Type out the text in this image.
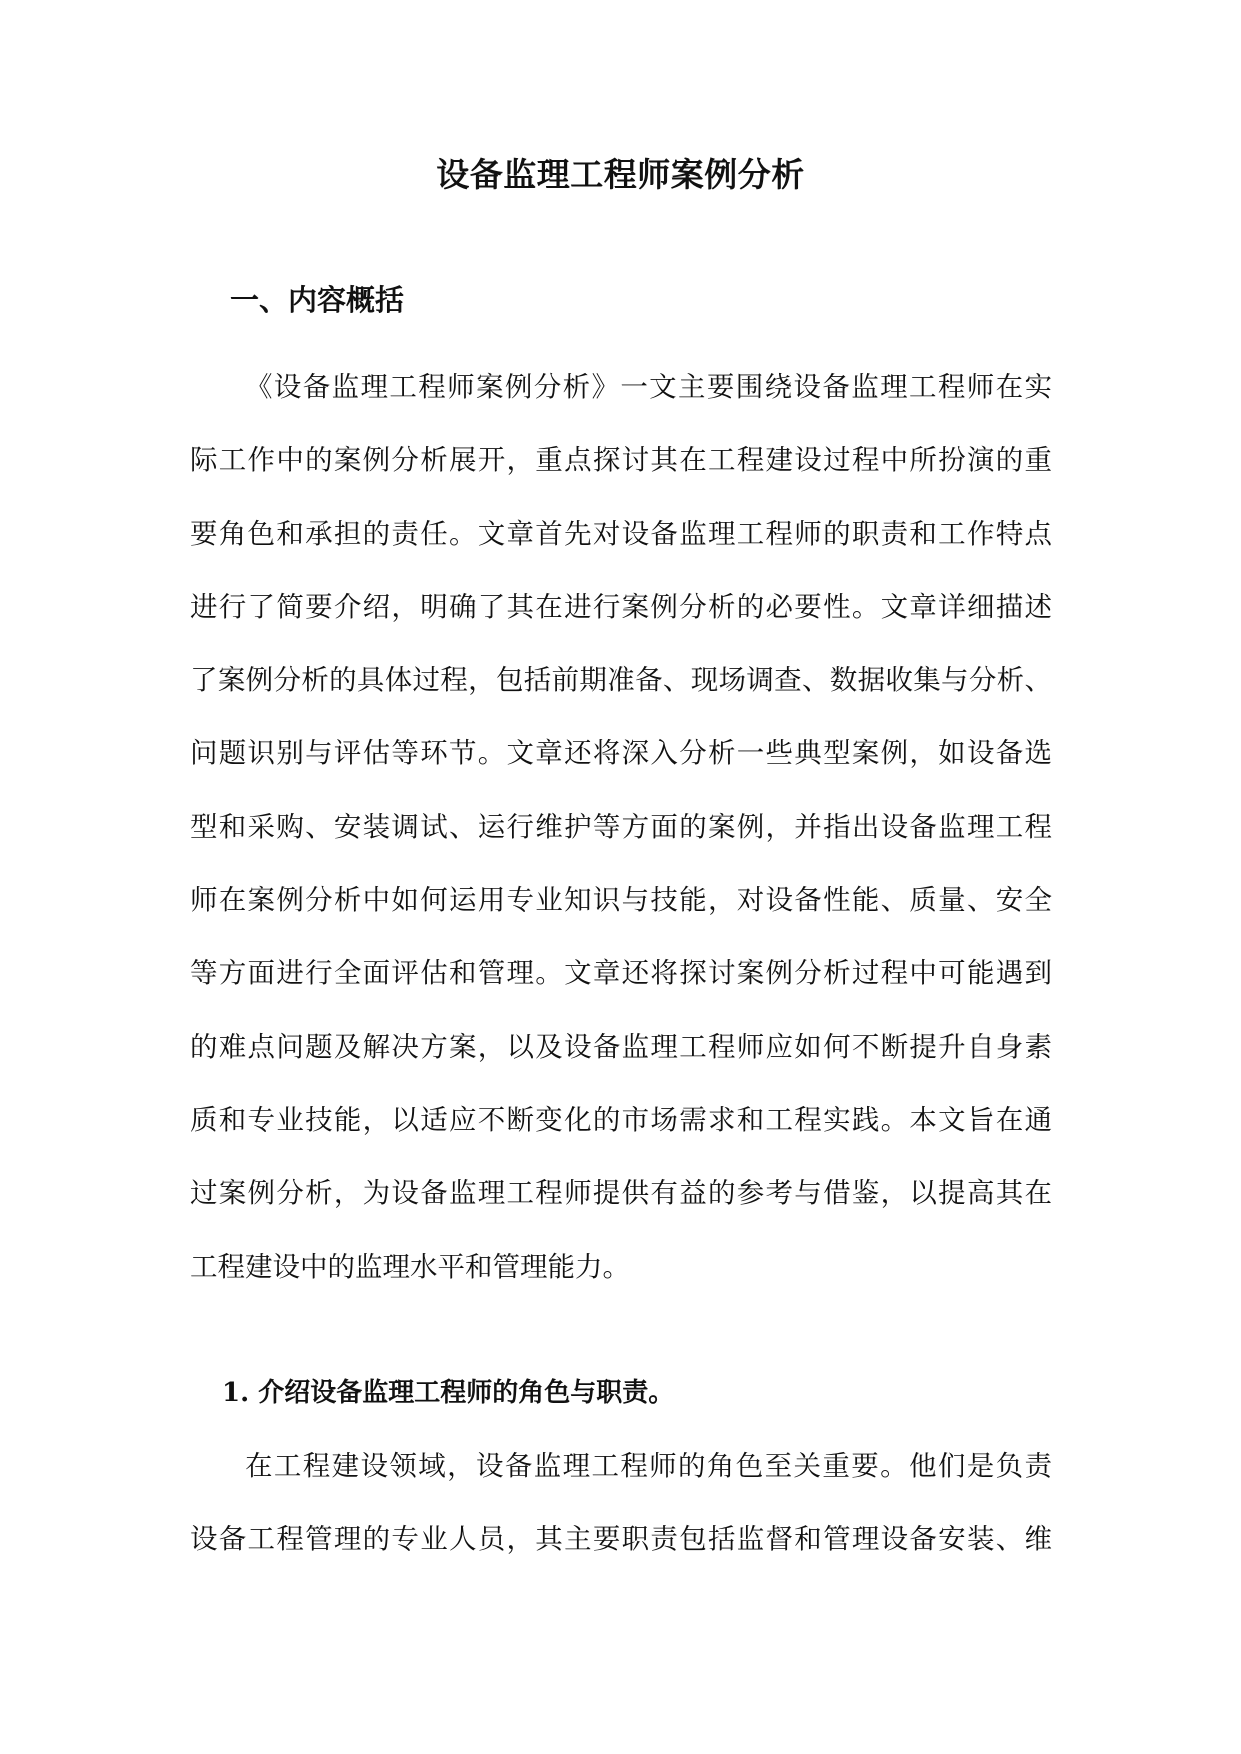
设备监理工程师案例分析
一、内容概括
《设备监理工程师案例分析》一文主要围绕设备监理工程师在实
际工作中的案例分析展开，重点探讨其在工程建设过程中所扮演的重
要角色和承担的责任。文章首先对设备监理工程师的职责和工作特点
进行了简要介绍，明确了其在进行案例分析的必要性。文章详细描述
了案例分析的具体过程，包括前期准备、现场调查、数据收集与分析、
问题识别与评估等环节。文章还将深入分析一些典型案例，如设备选
型和采购、安装调试、运行维护等方面的案例，并指出设备监理工程
师在案例分析中如何运用专业知识与技能，对设备性能、质量、安全
等方面进行全面评估和管理。文章还将探讨案例分析过程中可能遇到
的难点问题及解决方案，以及设备监理工程师应如何不断提升自身素
质和专业技能，以适应不断变化的市场需求和工程实践。本文旨在通
过案例分析，为设备监理工程师提供有益的参考与借鉴，以提高其在
工程建设中的监理水平和管理能力。
1. 介绍设备监理工程师的角色与职责。
在工程建设领域，设备监理工程师的角色至关重要。他们是负责
设备工程管理的专业人员，其主要职责包括监督和管理设备安装、维
